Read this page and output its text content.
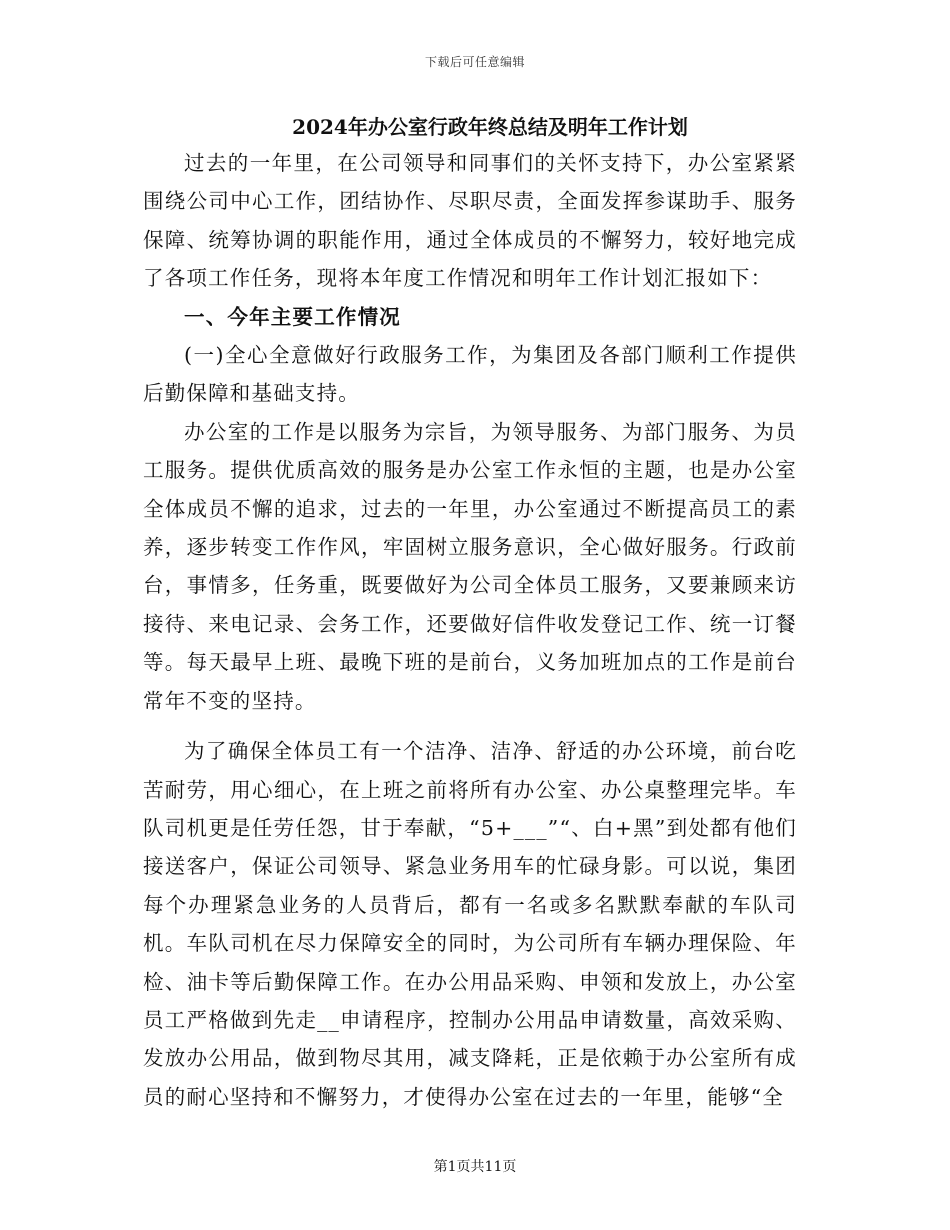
下载后可任意编辑
2024年办公室行政年终总结及明年工作计划

过去的一年里，在公司领导和同事们的关怀支持下，办公室紧紧围绕公司中心工作，团结协作、尽职尽责，全面发挥参谋助手、服务保障、统筹协调的职能作用，通过全体成员的不懈努力，较好地完成了各项工作任务，现将本年度工作情况和明年工作计划汇报如下：

一、今年主要工作情况

(一)全心全意做好行政服务工作，为集团及各部门顺利工作提供后勤保障和基础支持。

办公室的工作是以服务为宗旨，为领导服务、为部门服务、为员工服务。提供优质高效的服务是办公室工作永恒的主题，也是办公室全体成员不懈的追求，过去的一年里，办公室通过不断提高员工的素养，逐步转变工作作风，牢固树立服务意识，全心做好服务。行政前台，事情多，任务重，既要做好为公司全体员工服务，又要兼顾来访接待、来电记录、会务工作，还要做好信件收发登记工作、统一订餐等。每天最早上班、最晚下班的是前台，义务加班加点的工作是前台常年不变的坚持。

为了确保全体员工有一个洁净、洁净、舒适的办公环境，前台吃苦耐劳，用心细心，在上班之前将所有办公室、办公桌整理完毕。车队司机更是任劳任怨，甘于奉献，“5+___”“、白+黑”到处都有他们接送客户，保证公司领导、紧急业务用车的忙碌身影。可以说，集团每个办理紧急业务的人员背后，都有一名或多名默默奉献的车队司机。车队司机在尽力保障安全的同时，为公司所有车辆办理保险、年检、油卡等后勤保障工作。在办公用品采购、申领和发放上，办公室员工严格做到先走__申请程序，控制办公用品申请数量，高效采购、发放办公用品，做到物尽其用，减支降耗，正是依赖于办公室所有成员的耐心坚持和不懈努力，才使得办公室在过去的一年里，能够“全

第1页共11页
